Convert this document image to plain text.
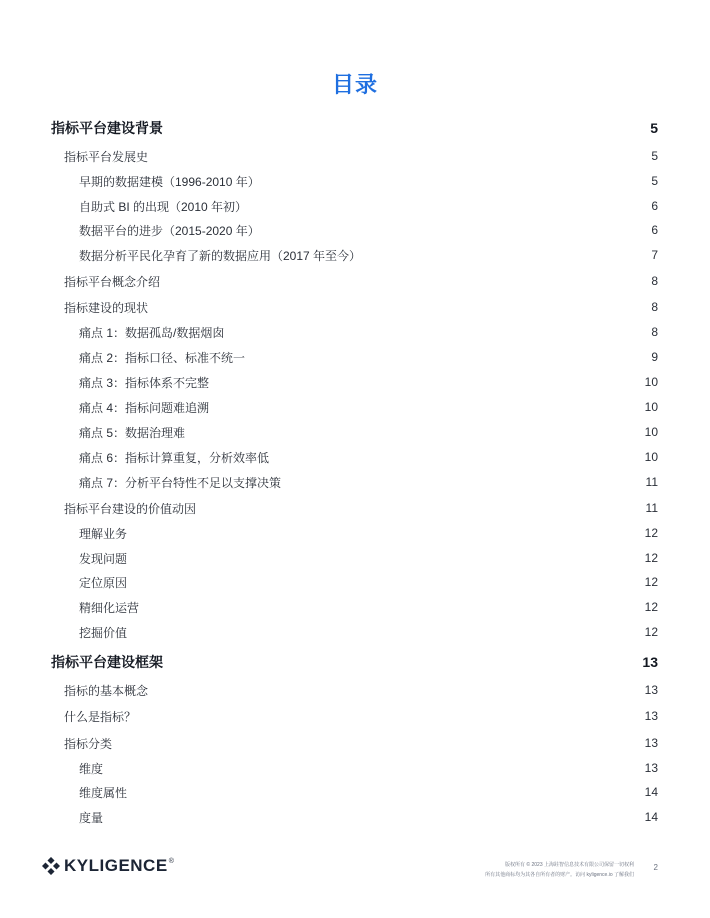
目录
指标平台建设背景	5
指标平台发展史	5
早期的数据建模（1996-2010 年）	5
自助式 BI 的出现（2010 年初）	6
数据平台的进步（2015-2020 年）	6
数据分析平民化孕育了新的数据应用（2017 年至今）	7
指标平台概念介绍	8
指标建设的现状	8
痛点 1：数据孤岛/数据烟囱	8
痛点 2：指标口径、标准不统一	9
痛点 3：指标体系不完整	10
痛点 4：指标问题难追溯	10
痛点 5：数据治理难	10
痛点 6：指标计算重复，分析效率低	10
痛点 7：分析平台特性不足以支撑决策	11
指标平台建设的价值动因	11
理解业务	12
发现问题	12
定位原因	12
精细化运营	12
挖掘价值	12
指标平台建设框架	13
指标的基本概念	13
什么是指标？	13
指标分类	13
维度	13
维度属性	14
度量	14
KYLIGENCE ®	版权所有 © 2023 上海跬智信息技术有限公司保留一切权利
所有其他商标均为其各自所有者的财产。访问 kyligence.io 了解我们
2
